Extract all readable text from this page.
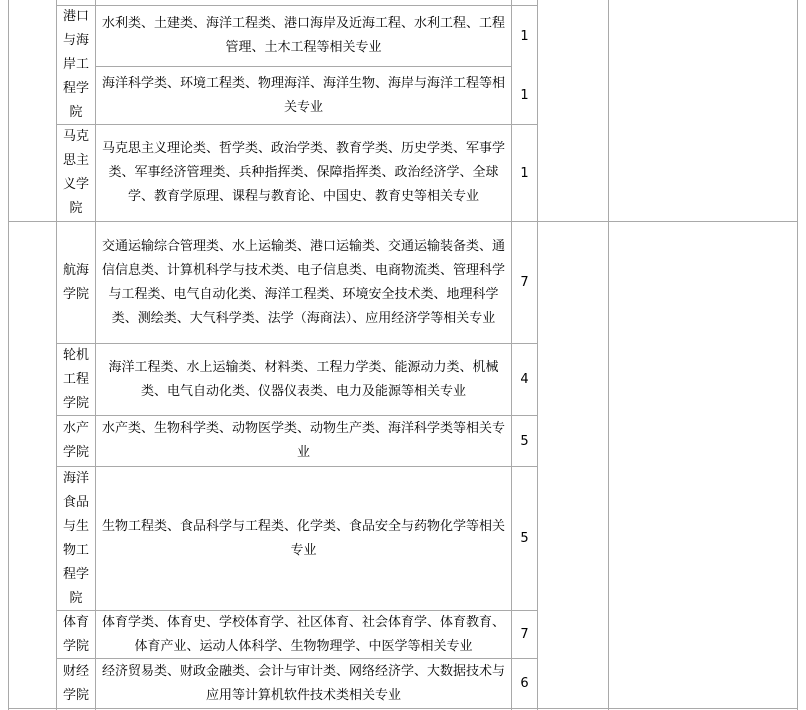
港口与海岸工程学院
水利类、土建类、海洋工程类、港口海岸及近海工程、水利工程、工程管理、土木工程等相关专业
1
海洋科学类、环境工程类、物理海洋、海洋生物、海岸与海洋工程等相关专业
1
马克思主义学院
马克思主义理论类、哲学类、政治学类、教育学类、历史学类、军事学类、军事经济管理类、兵种指挥类、保障指挥类、政治经济学、全球学、教育学原理、课程与教育论、中国史、教育史等相关专业
1
航海学院
交通运输综合管理类、水上运输类、港口运输类、交通运输装备类、通信信息类、计算机科学与技术类、电子信息类、电商物流类、管理科学与工程类、电气自动化类、海洋工程类、环境安全技术类、地理科学类、测绘类、大气科学类、法学（海商法）、应用经济学等相关专业
7
轮机工程学院
海洋工程类、水上运输类、材料类、工程力学类、能源动力类、机械类、电气自动化类、仪器仪表类、电力及能源等相关专业
4
水产学院
水产类、生物科学类、动物医学类、动物生产类、海洋科学类等相关专业
5
海洋食品与生物工程学院
生物工程类、食品科学与工程类、化学类、食品安全与药物化学等相关专业
5
体育学院
体育学类、体育史、学校体育学、社区体育、社会体育学、体育教育、体育产业、运动人体科学、生物物理学、中医学等相关专业
7
财经学院
经济贸易类、财政金融类、会计与审计类、网络经济学、大数据技术与应用等计算机软件技术类相关专业
6
